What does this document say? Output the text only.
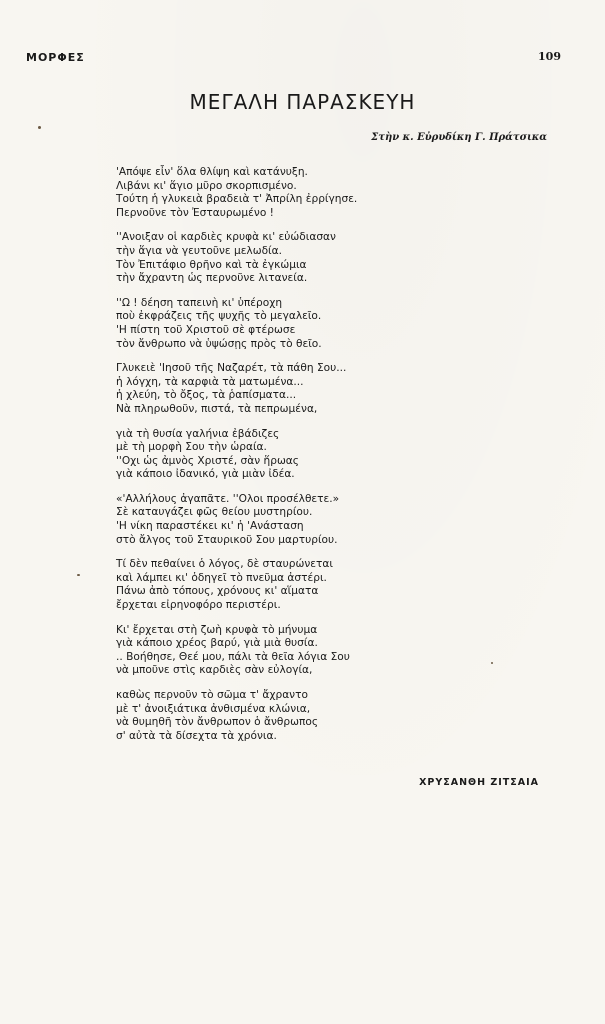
ΜΟΡΦΕΣ	109
ΜΕΓΑΛΗ ΠΑΡΑΣΚΕΥΗ
Στὴν κ. Εὐρυδίκη Γ. Πράτσικα
'Απόψε εἶν' ὅλα θλίψη καὶ κατάνυξη.
Λιβάνι κι' ἅγιο μῦρο σκορπισμένο.
Τούτη ἡ γλυκειὰ βραδειὰ τ' Ἀπρίλη ἐρρίγησε.
Περνοῦνε τὸν Ἐσταυρωμένο !
''Ανοιξαν οἱ καρδιὲς κρυφὰ κι' εὐώδιασαν
τὴν ἅγια νὰ γευτοῦνε μελωδία.
Τὸν Ἐπιτάφιο θρῆνο καὶ τὰ ἐγκώμια
τὴν ἄχραντη ὡς περνοῦνε λιτανεία.
''Ω ! δέηση ταπεινὴ κι' ὑπέροχη
ποὺ ἐκφράζεις τῆς ψυχῆς τὸ μεγαλεῖο.
'Η πίστη τοῦ Χριστοῦ σὲ φτέρωσε
τὸν ἄνθρωπο νὰ ὑψώσῃς πρὸς τὸ θεῖο.
Γλυκειὲ 'Ιησοῦ τῆς Ναζαρέτ, τὰ πάθη Σου...
ἡ λόγχη, τὰ καρφιὰ τὰ ματωμένα...
ἡ χλεύη, τὸ ὄξος, τὰ ῥαπίσματα...
Νὰ πληρωθοῦν, πιστά, τὰ πεπρωμένα,
γιὰ τὴ θυσία γαλήνια ἐβάδιζες
μὲ τὴ μορφὴ Σου τὴν ὡραία.
''Οχι ὡς ἀμνὸς Χριστέ, σὰν ἥρωας
γιὰ κάποιο ἰδανικό, γιὰ μιὰν ἰδέα.
«'Αλλήλους ἀγαπᾶτε. ''Ολοι προσέλθετε.»
Σὲ καταυγάζει φῶς θείου μυστηρίου.
'Η νίκη παραστέκει κι' ἡ 'Ανάσταση
στὸ ἄλγος τοῦ Σταυρικοῦ Σου μαρτυρίου.
Τί δὲν πεθαίνει ὁ λόγος, δὲ σταυρώνεται
καὶ λάμπει κι' ὁδηγεῖ τὸ πνεῦμα ἀστέρι.
Πάνω ἀπὸ τόπους, χρόνους κι' αἵματα
ἔρχεται εἰρηνοφόρο περιστέρι.
Κι' ἔρχεται στὴ ζωὴ κρυφὰ τὸ μήνυμα
γιὰ κάποιο χρέος βαρύ, γιὰ μιὰ θυσία.
.. Βοήθησε, Θεέ μου, πάλι τὰ θεῖα λόγια Σου
νὰ μποῦνε στὶς καρδιὲς σὰν εὐλογία,
καθὼς περνοῦν τὸ σῶμα τ' ἄχραντο
μὲ τ' ἀνοιξιάτικα ἀνθισμένα κλώνια,
νὰ θυμηθῆ τὸν ἄνθρωπον ὁ ἄνθρωπος
σ' αὐτὰ τὰ δίσεχτα τὰ χρόνια.
ΧΡΥΣΑΝΘΗ ΖΙΤΣΑΙΑ
